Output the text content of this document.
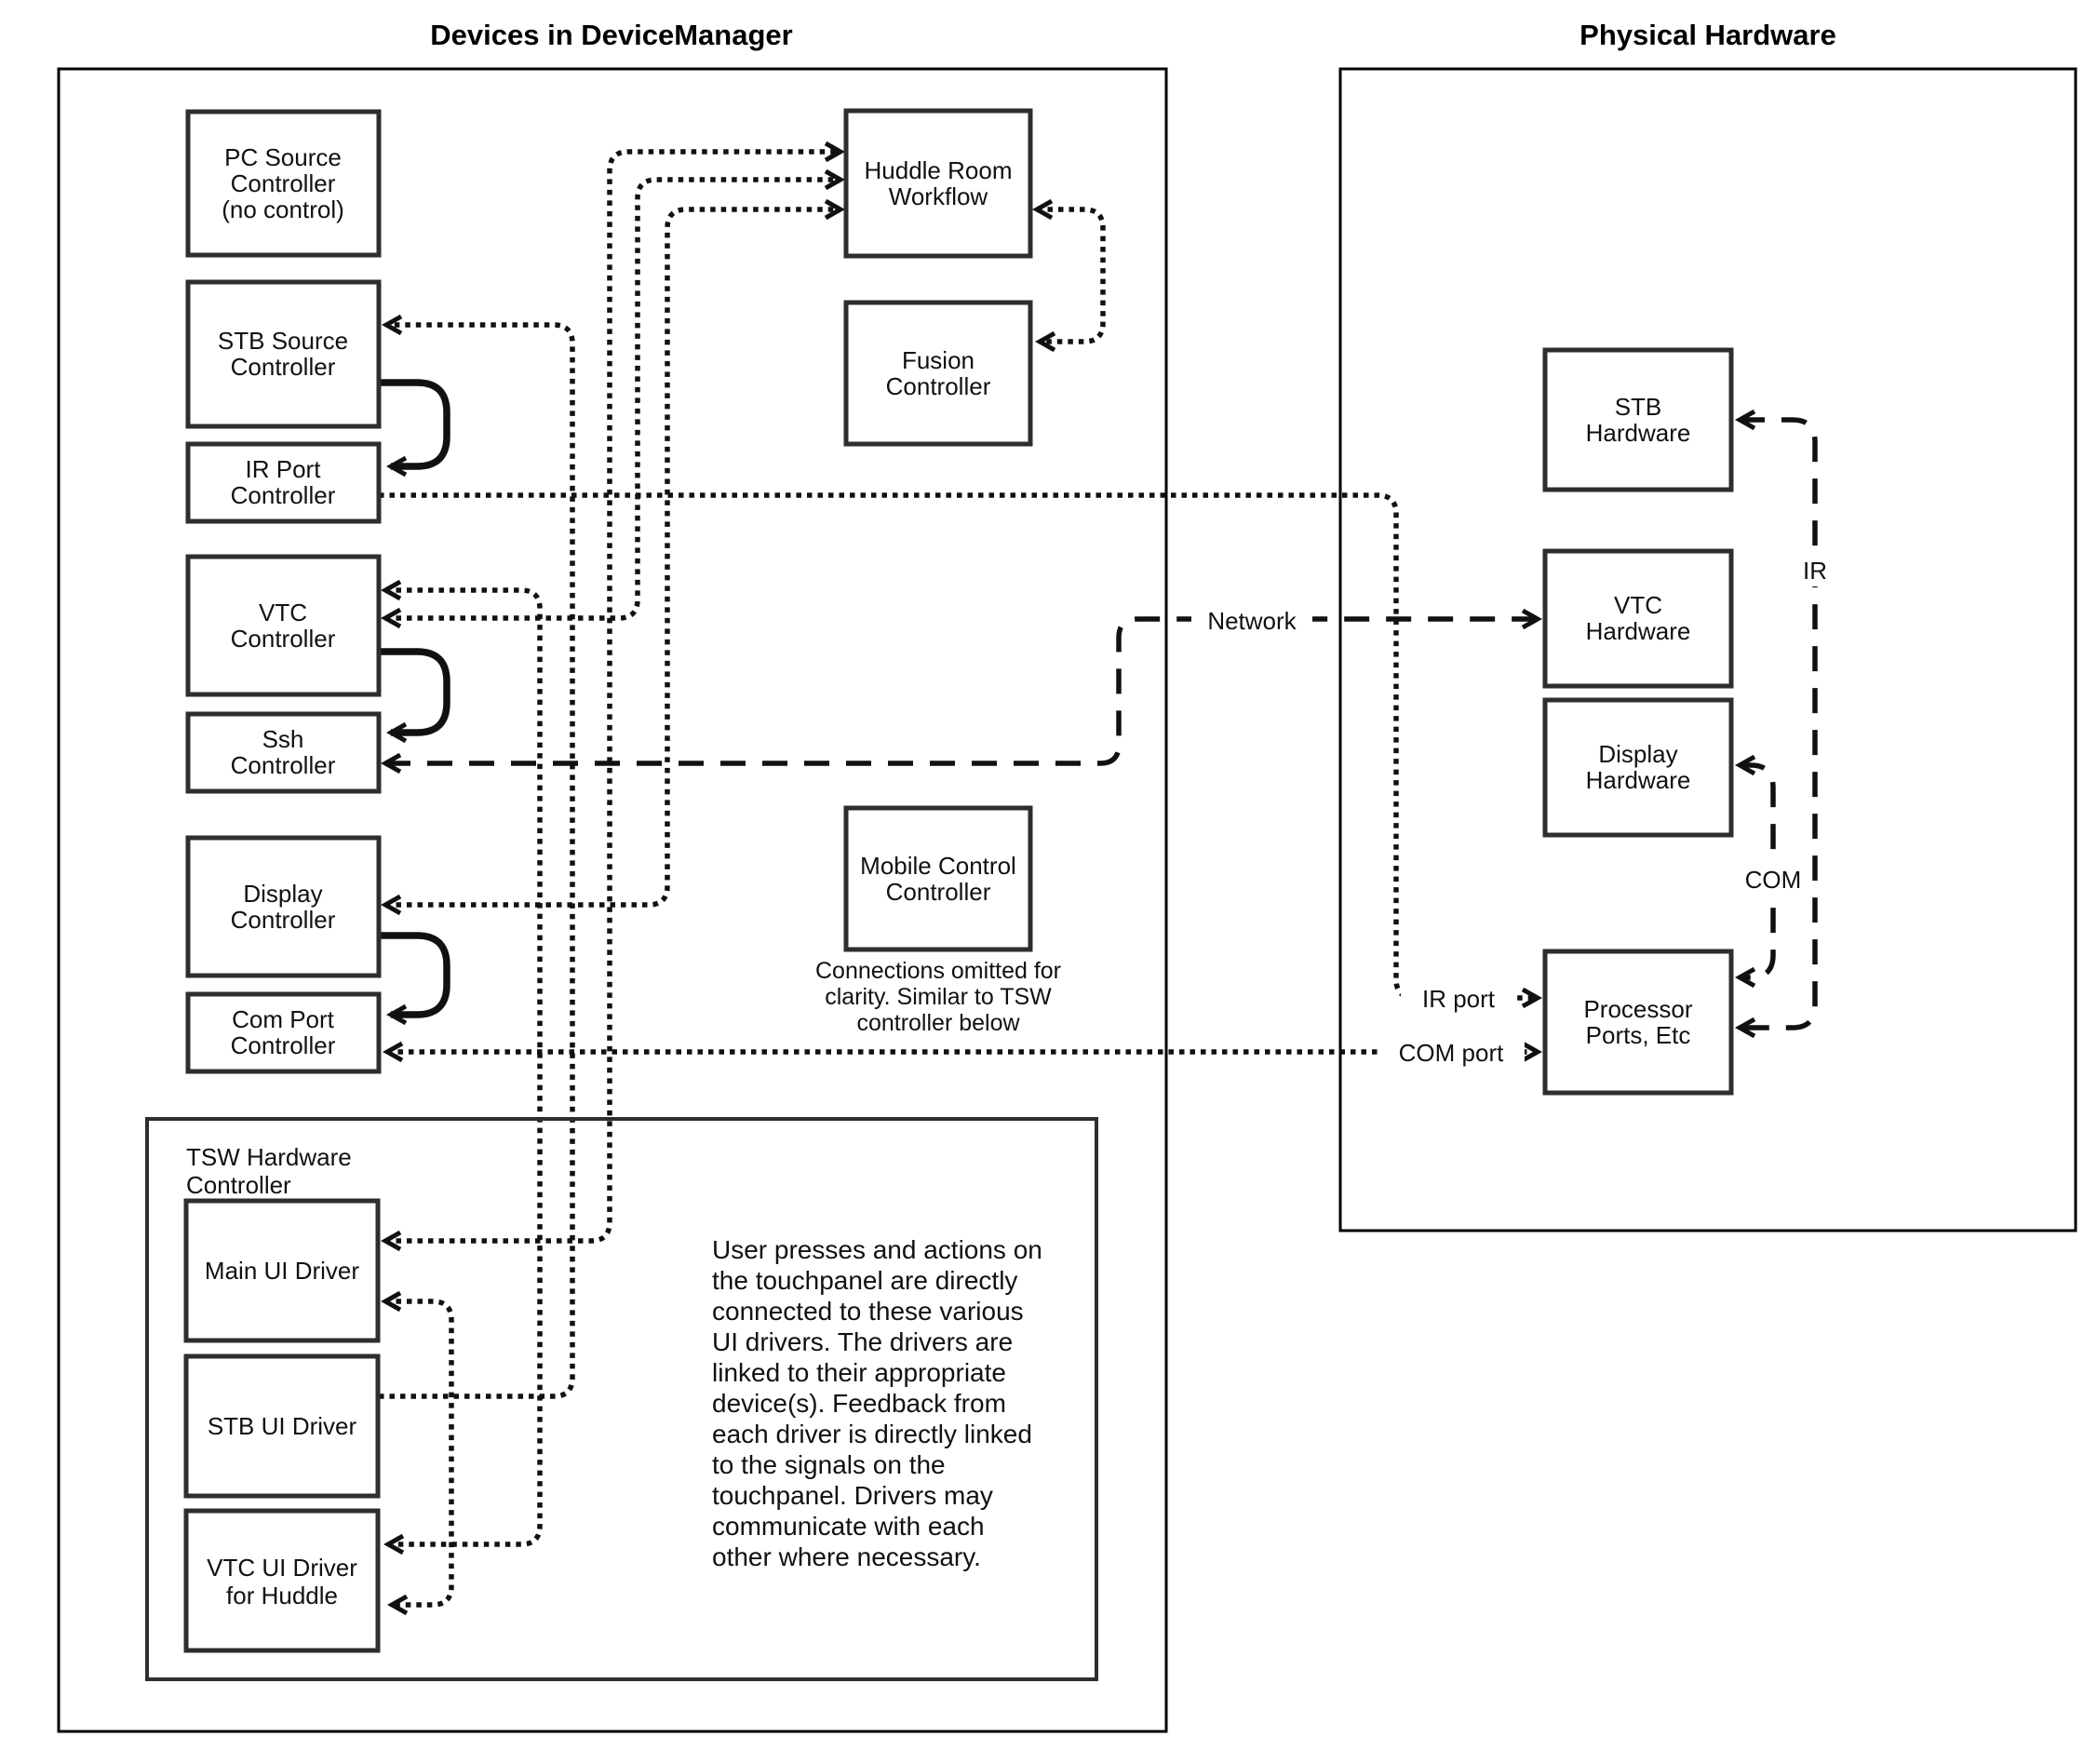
Devices in DeviceManager	Physical Hardware
Network
IR
COM
IR port
COM port
PC Source
Controller
(no control)
STB Source
Controller
IR Port
Controller
VTC
Controller
Ssh
Controller
Display
Controller
Com Port
Controller
Huddle Room
Workflow
Fusion
Controller
Mobile Control
Controller
Connections omitted for
clarity. Similar to TSW
controller below
TSW Hardware
Controller
Main UI Driver
STB UI Driver
VTC UI Driver
for Huddle
User presses and actions on
the touchpanel are directly
connected to these various
UI drivers. The drivers are
linked to their appropriate
device(s). Feedback from
each driver is directly linked
to the signals on the
touchpanel. Drivers may
communicate with each
other where necessary.
STB
Hardware
VTC
Hardware
Display
Hardware
Processor
Ports, Etc
